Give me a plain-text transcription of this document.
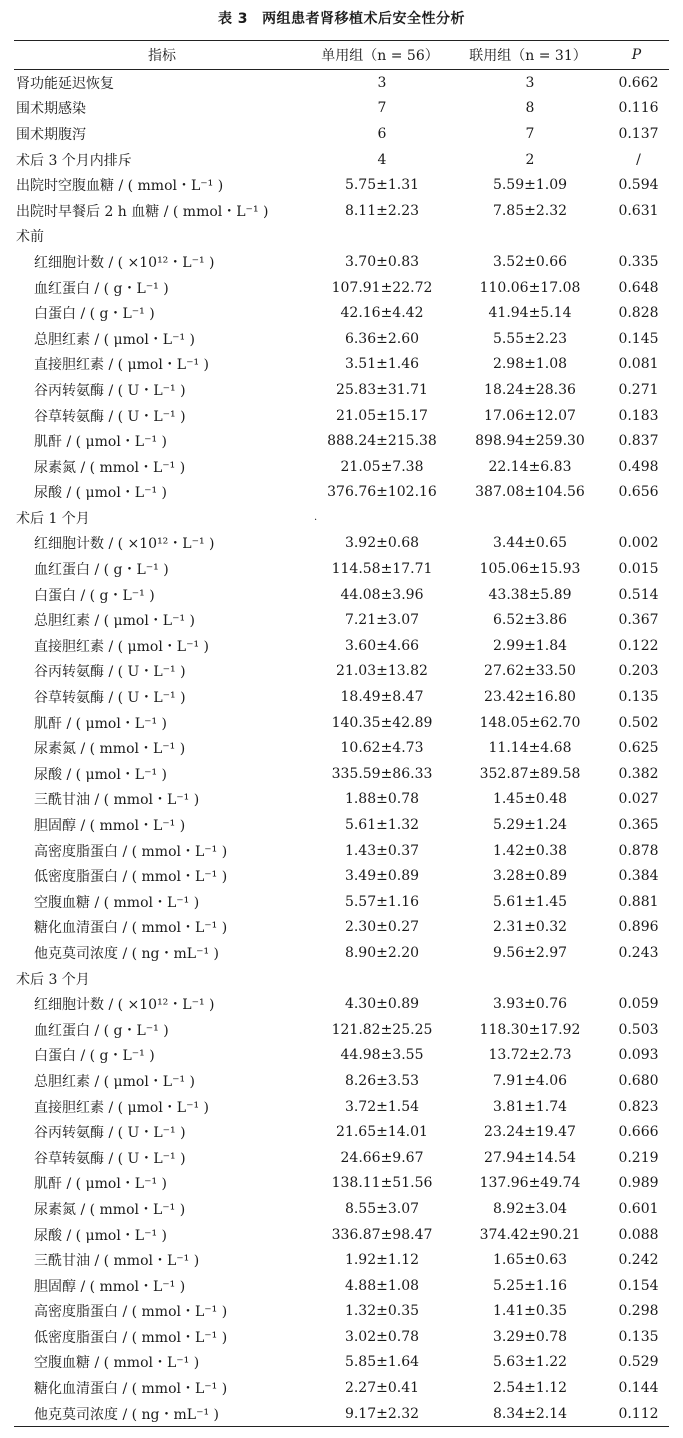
表 3 两组患者肾移植术后安全性分析
指标	单用组（n = 56）	联用组（n = 31）	P
肾功能延迟恢复	3	3	0.662
围术期感染	7	8	0.116
围术期腹泻	6	7	0.137
术后 3 个月内排斥	4	2	/
出院时空腹血糖 / ( mmol・L⁻¹ )	5.75±1.31	5.59±1.09	0.594
出院时早餐后 2 h 血糖 / ( mmol・L⁻¹ )	8.11±2.23	7.85±2.32	0.631
术前
红细胞计数 / ( ×10¹²・L⁻¹ )	3.70±0.83	3.52±0.66	0.335
血红蛋白 / ( g・L⁻¹ )	107.91±22.72	110.06±17.08	0.648
白蛋白 / ( g・L⁻¹ )	42.16±4.42	41.94±5.14	0.828
总胆红素 / ( μmol・L⁻¹ )	6.36±2.60	5.55±2.23	0.145
直接胆红素 / ( μmol・L⁻¹ )	3.51±1.46	2.98±1.08	0.081
谷丙转氨酶 / ( U・L⁻¹ )	25.83±31.71	18.24±28.36	0.271
谷草转氨酶 / ( U・L⁻¹ )	21.05±15.17	17.06±12.07	0.183
肌酐 / ( μmol・L⁻¹ )	888.24±215.38	898.94±259.30	0.837
尿素氮 / ( mmol・L⁻¹ )	21.05±7.38	22.14±6.83	0.498
尿酸 / ( μmol・L⁻¹ )	376.76±102.16	387.08±104.56	0.656
术后 1 个月
红细胞计数 / ( ×10¹²・L⁻¹ )	3.92±0.68	3.44±0.65	0.002
血红蛋白 / ( g・L⁻¹ )	114.58±17.71	105.06±15.93	0.015
白蛋白 / ( g・L⁻¹ )	44.08±3.96	43.38±5.89	0.514
总胆红素 / ( μmol・L⁻¹ )	7.21±3.07	6.52±3.86	0.367
直接胆红素 / ( μmol・L⁻¹ )	3.60±4.66	2.99±1.84	0.122
谷丙转氨酶 / ( U・L⁻¹ )	21.03±13.82	27.62±33.50	0.203
谷草转氨酶 / ( U・L⁻¹ )	18.49±8.47	23.42±16.80	0.135
肌酐 / ( μmol・L⁻¹ )	140.35±42.89	148.05±62.70	0.502
尿素氮 / ( mmol・L⁻¹ )	10.62±4.73	11.14±4.68	0.625
尿酸 / ( μmol・L⁻¹ )	335.59±86.33	352.87±89.58	0.382
三酰甘油 / ( mmol・L⁻¹ )	1.88±0.78	1.45±0.48	0.027
胆固醇 / ( mmol・L⁻¹ )	5.61±1.32	5.29±1.24	0.365
高密度脂蛋白 / ( mmol・L⁻¹ )	1.43±0.37	1.42±0.38	0.878
低密度脂蛋白 / ( mmol・L⁻¹ )	3.49±0.89	3.28±0.89	0.384
空腹血糖 / ( mmol・L⁻¹ )	5.57±1.16	5.61±1.45	0.881
糖化血清蛋白 / ( mmol・L⁻¹ )	2.30±0.27	2.31±0.32	0.896
他克莫司浓度 / ( ng・mL⁻¹ )	8.90±2.20	9.56±2.97	0.243
术后 3 个月
红细胞计数 / ( ×10¹²・L⁻¹ )	4.30±0.89	3.93±0.76	0.059
血红蛋白 / ( g・L⁻¹ )	121.82±25.25	118.30±17.92	0.503
白蛋白 / ( g・L⁻¹ )	44.98±3.55	13.72±2.73	0.093
总胆红素 / ( μmol・L⁻¹ )	8.26±3.53	7.91±4.06	0.680
直接胆红素 / ( μmol・L⁻¹ )	3.72±1.54	3.81±1.74	0.823
谷丙转氨酶 / ( U・L⁻¹ )	21.65±14.01	23.24±19.47	0.666
谷草转氨酶 / ( U・L⁻¹ )	24.66±9.67	27.94±14.54	0.219
肌酐 / ( μmol・L⁻¹ )	138.11±51.56	137.96±49.74	0.989
尿素氮 / ( mmol・L⁻¹ )	8.55±3.07	8.92±3.04	0.601
尿酸 / ( μmol・L⁻¹ )	336.87±98.47	374.42±90.21	0.088
三酰甘油 / ( mmol・L⁻¹ )	1.92±1.12	1.65±0.63	0.242
胆固醇 / ( mmol・L⁻¹ )	4.88±1.08	5.25±1.16	0.154
高密度脂蛋白 / ( mmol・L⁻¹ )	1.32±0.35	1.41±0.35	0.298
低密度脂蛋白 / ( mmol・L⁻¹ )	3.02±0.78	3.29±0.78	0.135
空腹血糖 / ( mmol・L⁻¹ )	5.85±1.64	5.63±1.22	0.529
糖化血清蛋白 / ( mmol・L⁻¹ )	2.27±0.41	2.54±1.12	0.144
他克莫司浓度 / ( ng・mL⁻¹ )	9.17±2.32	8.34±2.14	0.112
.
